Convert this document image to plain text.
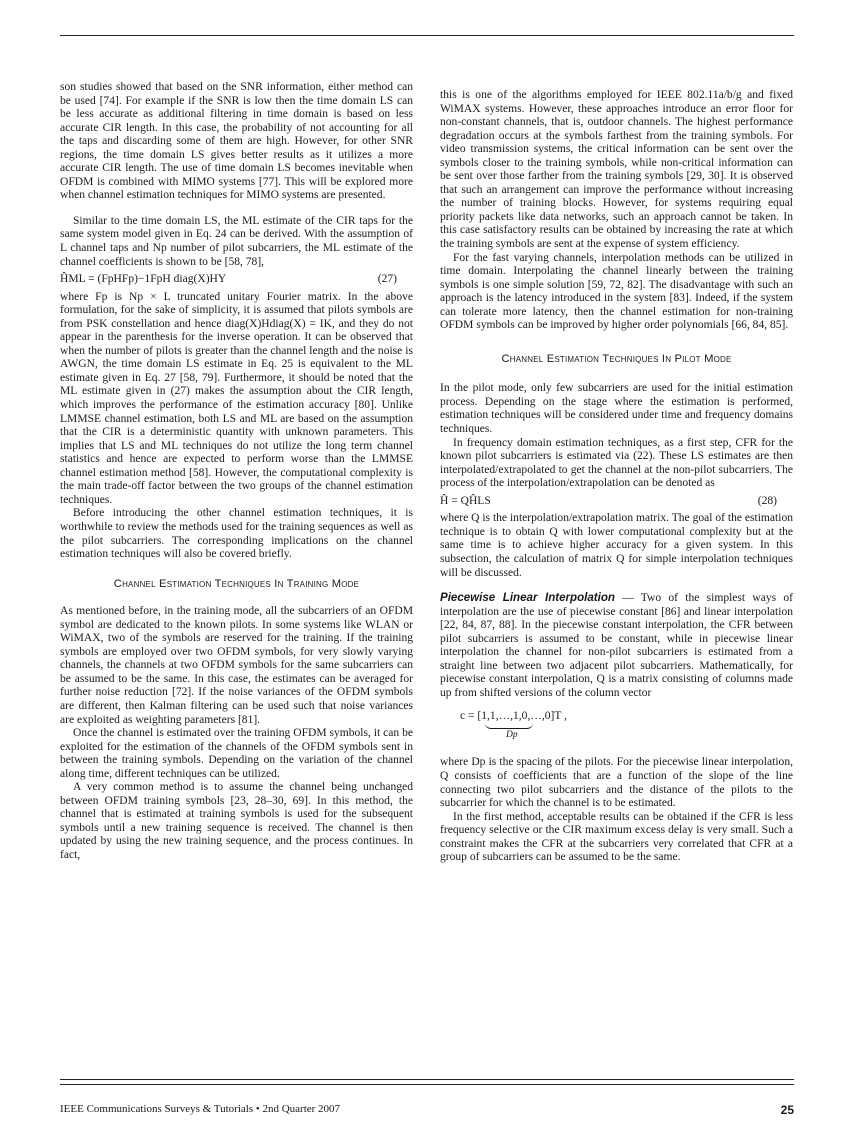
son studies showed that based on the SNR information, either method can be used [74]. For example if the SNR is low then the time domain LS can be less accurate as additional filtering in time domain is based on less accurate CIR length. In this case, the probability of not accounting for all the taps and discarding some of them are high. However, for other SNR regions, the time domain LS gives better results as it utilizes a more accurate CIR length. The use of time domain LS becomes inevitable when OFDM is combined with MIMO systems [77]. This will be explored more when channel estimation techniques for MIMO systems are presented.

Similar to the time domain LS, the ML estimate of the CIR taps for the same system model given in Eq. 24 can be derived. With the assumption of L channel taps and Np number of pilot subcarriers, the ML estimate of the channel coefficients is shown to be [58, 78],

ĤML = (FpHFp)−1FpH diag(X)HY	(27)

where Fp is Np × L truncated unitary Fourier matrix. In the above formulation, for the sake of simplicity, it is assumed that pilots symbols are from PSK constellation and hence diag(X)Hdiag(X) = IK, and they do not appear in the parenthesis for the inverse operation. It can be observed that when the number of pilots is greater than the channel length and the noise is AWGN, the time domain LS estimate in Eq. 25 is equivalent to the ML estimate given in Eq. 27 [58, 79]. Furthermore, it should be noted that the ML estimate given in (27) makes the assumption about the CIR length, which improves the performance of the estimation accuracy [80]. Unlike LMMSE channel estimation, both LS and ML are based on the assumption that the CIR is a deterministic quantity with unknown parameters. This implies that LS and ML techniques do not utilize the long term channel statistics and hence are expected to perform worse than the LMMSE channel estimation method [58]. However, the computational complexity is the main trade-off factor between the two groups of the channel estimation techniques.

Before introducing the other channel estimation techniques, it is worthwhile to review the methods used for the training sequences as well as the pilot subcarriers. The corresponding implications on the channel estimation techniques will also be covered briefly.

Channel Estimation Techniques In Training Mode

As mentioned before, in the training mode, all the subcarriers of an OFDM symbol are dedicated to the known pilots. In some systems like WLAN or WiMAX, two of the symbols are reserved for the training. If the training symbols are employed over two OFDM symbols, for very slowly varying channels, the channels at two OFDM symbols for the same subcarriers can be assumed to be the same. In this case, the estimates can be averaged for further noise reduction [72]. If the noise variances of the OFDM symbols are different, then Kalman filtering can be used such that noise variances are exploited as weighting parameters [81].

Once the channel is estimated over the training OFDM symbols, it can be exploited for the estimation of the channels of the OFDM symbols sent in between the training symbols. Depending on the variation of the channel along time, different techniques can be utilized.

A very common method is to assume the channel being unchanged between OFDM training symbols [23, 28–30, 69]. In this method, the channel that is estimated at training symbols is used for the subsequent symbols until a new training sequence is received. The channel is then updated by using the new training sequence, and the process continues. In fact,

this is one of the algorithms employed for IEEE 802.11a/b/g and fixed WiMAX systems. However, these approaches introduce an error floor for non-constant channels, that is, outdoor channels. The highest performance degradation occurs at the symbols farthest from the training symbols. For video transmission systems, the critical information can be sent over the symbols closer to the training symbols, while non-critical information can be sent over those farther from the training symbols [29, 30]. It is observed that such an arrangement can improve the performance without increasing the number of training blocks. However, for systems requiring equal priority packets like data networks, such an approach cannot be taken. In this case satisfactory results can be obtained by increasing the rate at which the training symbols are sent at the expense of system efficiency.

For the fast varying channels, interpolation methods can be utilized in time domain. Interpolating the channel linearly between the training symbols is one simple solution [59, 72, 82]. The disadvantage with such an approach is the latency introduced in the system [83]. Indeed, if the system can tolerate more latency, then the channel estimation for non-training OFDM symbols can be improved by higher order polynomials [66, 84, 85].

Channel Estimation Techniques In Pilot Mode

In the pilot mode, only few subcarriers are used for the initial estimation process. Depending on the stage where the estimation is performed, estimation techniques will be considered under time and frequency domains techniques.

In frequency domain estimation techniques, as a first step, CFR for the known pilot subcarriers is estimated via (22). These LS estimates are then interpolated/extrapolated to get the channel at the non-pilot subcarriers. The process of the interpolation/extrapolation can be denoted as

Ĥ = QĤLS	(28)

where Q is the interpolation/extrapolation matrix. The goal of the estimation technique is to obtain Q with lower computational complexity but at the same time is to achieve higher accuracy for a given system. In this subsection, the calculation of matrix Q for simple interpolation techniques will be discussed.

Piecewise Linear Interpolation — Two of the simplest ways of interpolation are the use of piecewise constant [86] and linear interpolation [22, 84, 87, 88]. In the piecewise constant interpolation, the CFR between pilot subcarriers is assumed to be constant, while in piecewise linear interpolation the channel for non-pilot subcarriers is estimated from a straight line between two adjacent pilot subcarriers. Mathematically, for piecewise constant interpolation, Q is a matrix consisting of columns made up from shifted versions of the column vector

c = [1,1,…,1,0,…,0]T ,
Dp

where Dp is the spacing of the pilots. For the piecewise linear interpolation, Q consists of coefficients that are a function of the slope of the line connecting two pilot subcarriers and the distance of the pilots to the subcarrier for which the channel is to be estimated.

In the first method, acceptable results can be obtained if the CFR is less frequency selective or the CIR maximum excess delay is very small. Such a constraint makes the CFR at the subcarriers very correlated that CFR at a group of subcarriers can be assumed to be the same.

IEEE Communications Surveys & Tutorials • 2nd Quarter 2007	25
